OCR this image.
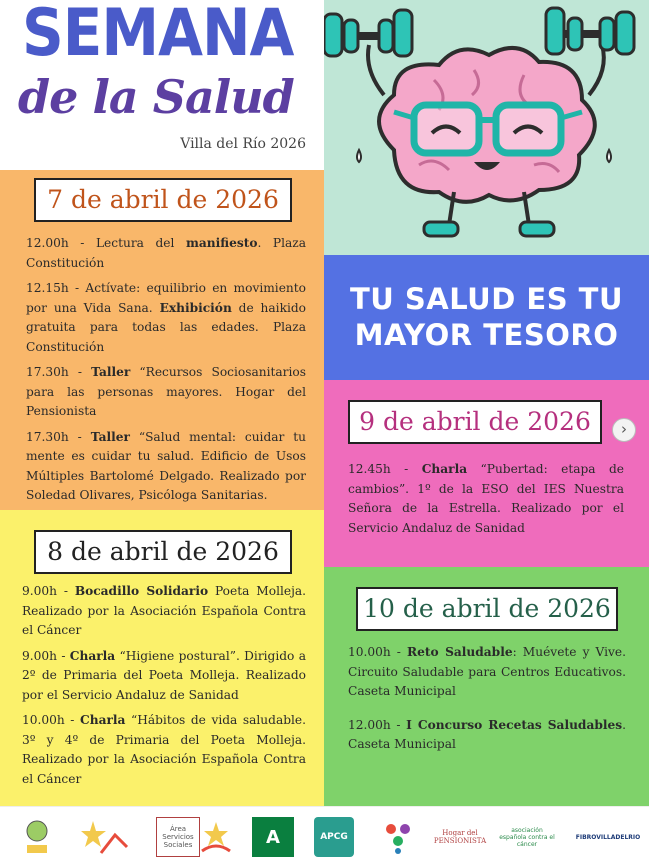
SEMANA
de la Salud
Villa del Río 2026
7 de abril de 2026

12.00h - Lectura del manifiesto. Plaza Constitución

12.15h - Actívate: equilibrio en movimiento por una Vida Sana. Exhibición de haikido gratuita para todas las edades. Plaza Constitución

17.30h - Taller “Recursos Sociosanitarios para las personas mayores. Hogar del Pensionista

17.30h - Taller “Salud mental: cuidar tu mente es cuidar tu salud. Edificio de Usos Múltiples Bartolomé Delgado. Realizado por Soledad Olivares, Psicóloga Sanitarias.

8 de abril de 2026

9.00h - Bocadillo Solidario Poeta Molleja. Realizado por la Asociación Española Contra el Cáncer

9.00h - Charla “Higiene postural”. Dirigido a 2º de Primaria del Poeta Molleja. Realizado por el Servicio Andaluz de Sanidad

10.00h - Charla “Hábitos de vida saludable. 3º y 4º de Primaria del Poeta Molleja. Realizado por la Asociación Española Contra el Cáncer

TU SALUD ES TU
MAYOR TESORO
9 de abril de 2026

12.45h - Charla “Pubertad: etapa de cambios”. 1º de la ESO del IES Nuestra Señora de la Estrella. Realizado por el Servicio Andaluz de Sanidad

10 de abril de 2026

10.00h - Reto Saludable: Muévete y Vive. Circuito Saludable para Centros Educativos. Caseta Municipal

12.00h - I Concurso Recetas Saludables. Caseta Municipal

›
Área Servicios Sociales	A	APCG	Hogar del PENSIONISTA
asociación española contra el cáncer
FIBROVILLADELRIO
